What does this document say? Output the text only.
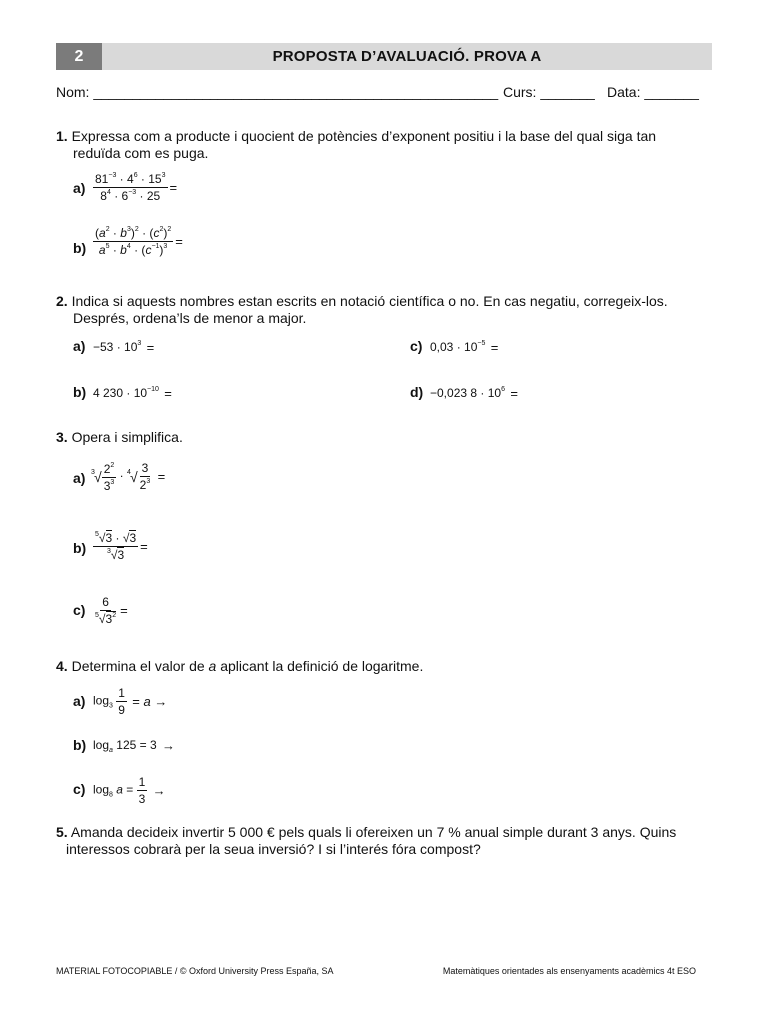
2	PROPOSTA D’AVALUACIÓ. PROVA A
Nom: ____________________________________________________ Curs: _______ Data: _______
1. Expressa com a producte i quocient de potències d’exponent positiu i la base del qual siga tan
reduïda com es puga.
$a) \frac{81^{-3} \cdot 4^6 \cdot 15^3}{8^4 \cdot 6^{-3} \cdot 25}$ =
$b) \frac{(a^2 \cdot b^3)^2 \cdot (c^2)^2}{a^5 \cdot b^4 \cdot (c^{-1})^3}$ =
2. Indica si aquests nombres estan escrits en notació científica o no. En cas negatiu, corregeix-los.
Després, ordena’ls de menor a major.
$a) -53 \cdot 10^3$ =
b) 4 $230 \cdot 10^{-10}$ =
c) $0,03 \cdot 10^{-5}$ =
d) −0,023 $8 \cdot 10^6$ =
3. Opera i simplifica.
a) 3 √ $\frac{2^2}{3^3} \cdot 4$ √ $\frac{3}{2^3}$ =
$b) \frac{^5√3 \cdot √3}{^3√3}$ =
$c) \frac{6}{^5√3^2}$ =
4. Determina el valor de a aplicant la definició de logaritme.
a) $\log_3 \frac{1}{9} = a$ →
b) $\log_a 125 = 3$ →
c) $\log_8 a = \frac{1}{3}$ →
5. Amanda decideix invertir 5 000 € pels quals li ofereixen un 7 % anual simple durant 3 anys. Quins
interessos cobrarà per la seua inversió? I si l’interés fóra compost?
MATERIAL FOTOCOPIABLE / © Oxford University Press España, SA	Matemàtiques orientades als ensenyaments acadèmics 4t ESO
